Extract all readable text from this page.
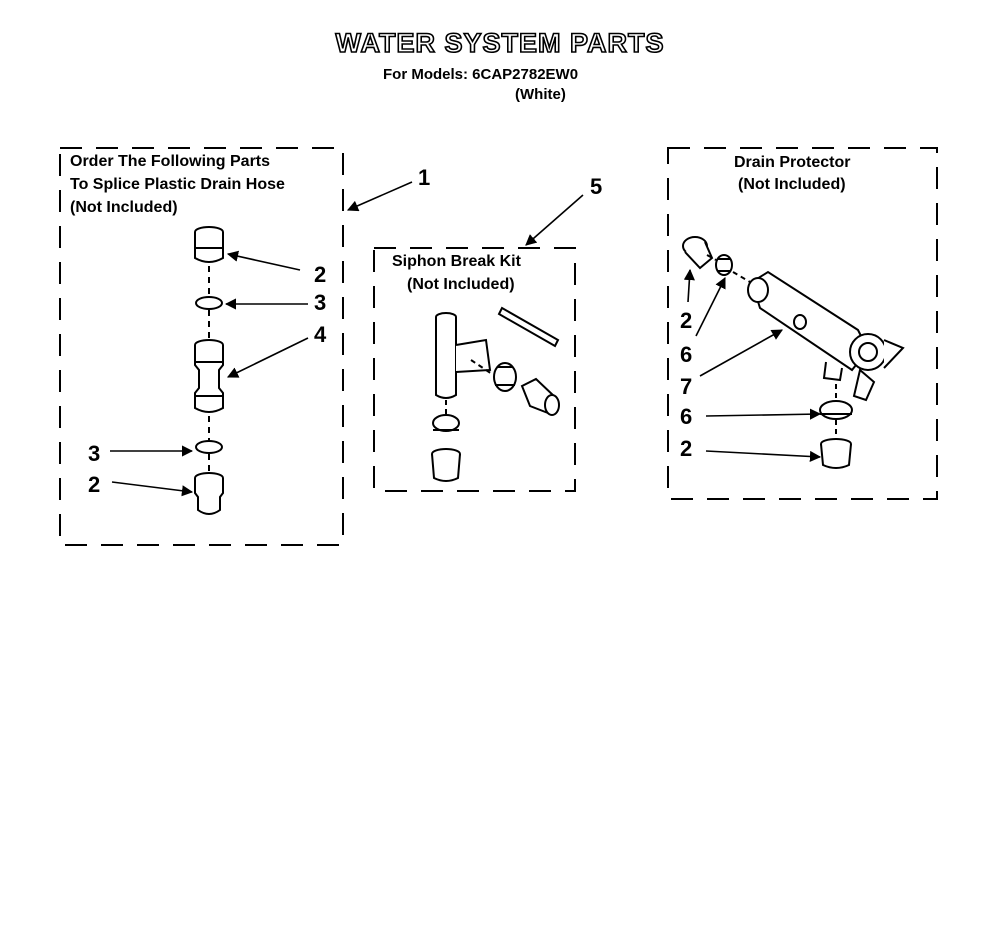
WATER SYSTEM PARTS
For Models: 6CAP2782EW0
(White)
Order The Following Parts
To Splice Plastic Drain Hose
(Not Included)
Siphon Break Kit
(Not Included)
Drain Protector
(Not Included)
1
2
3
4
3
2
5
2
6
7
6
2
